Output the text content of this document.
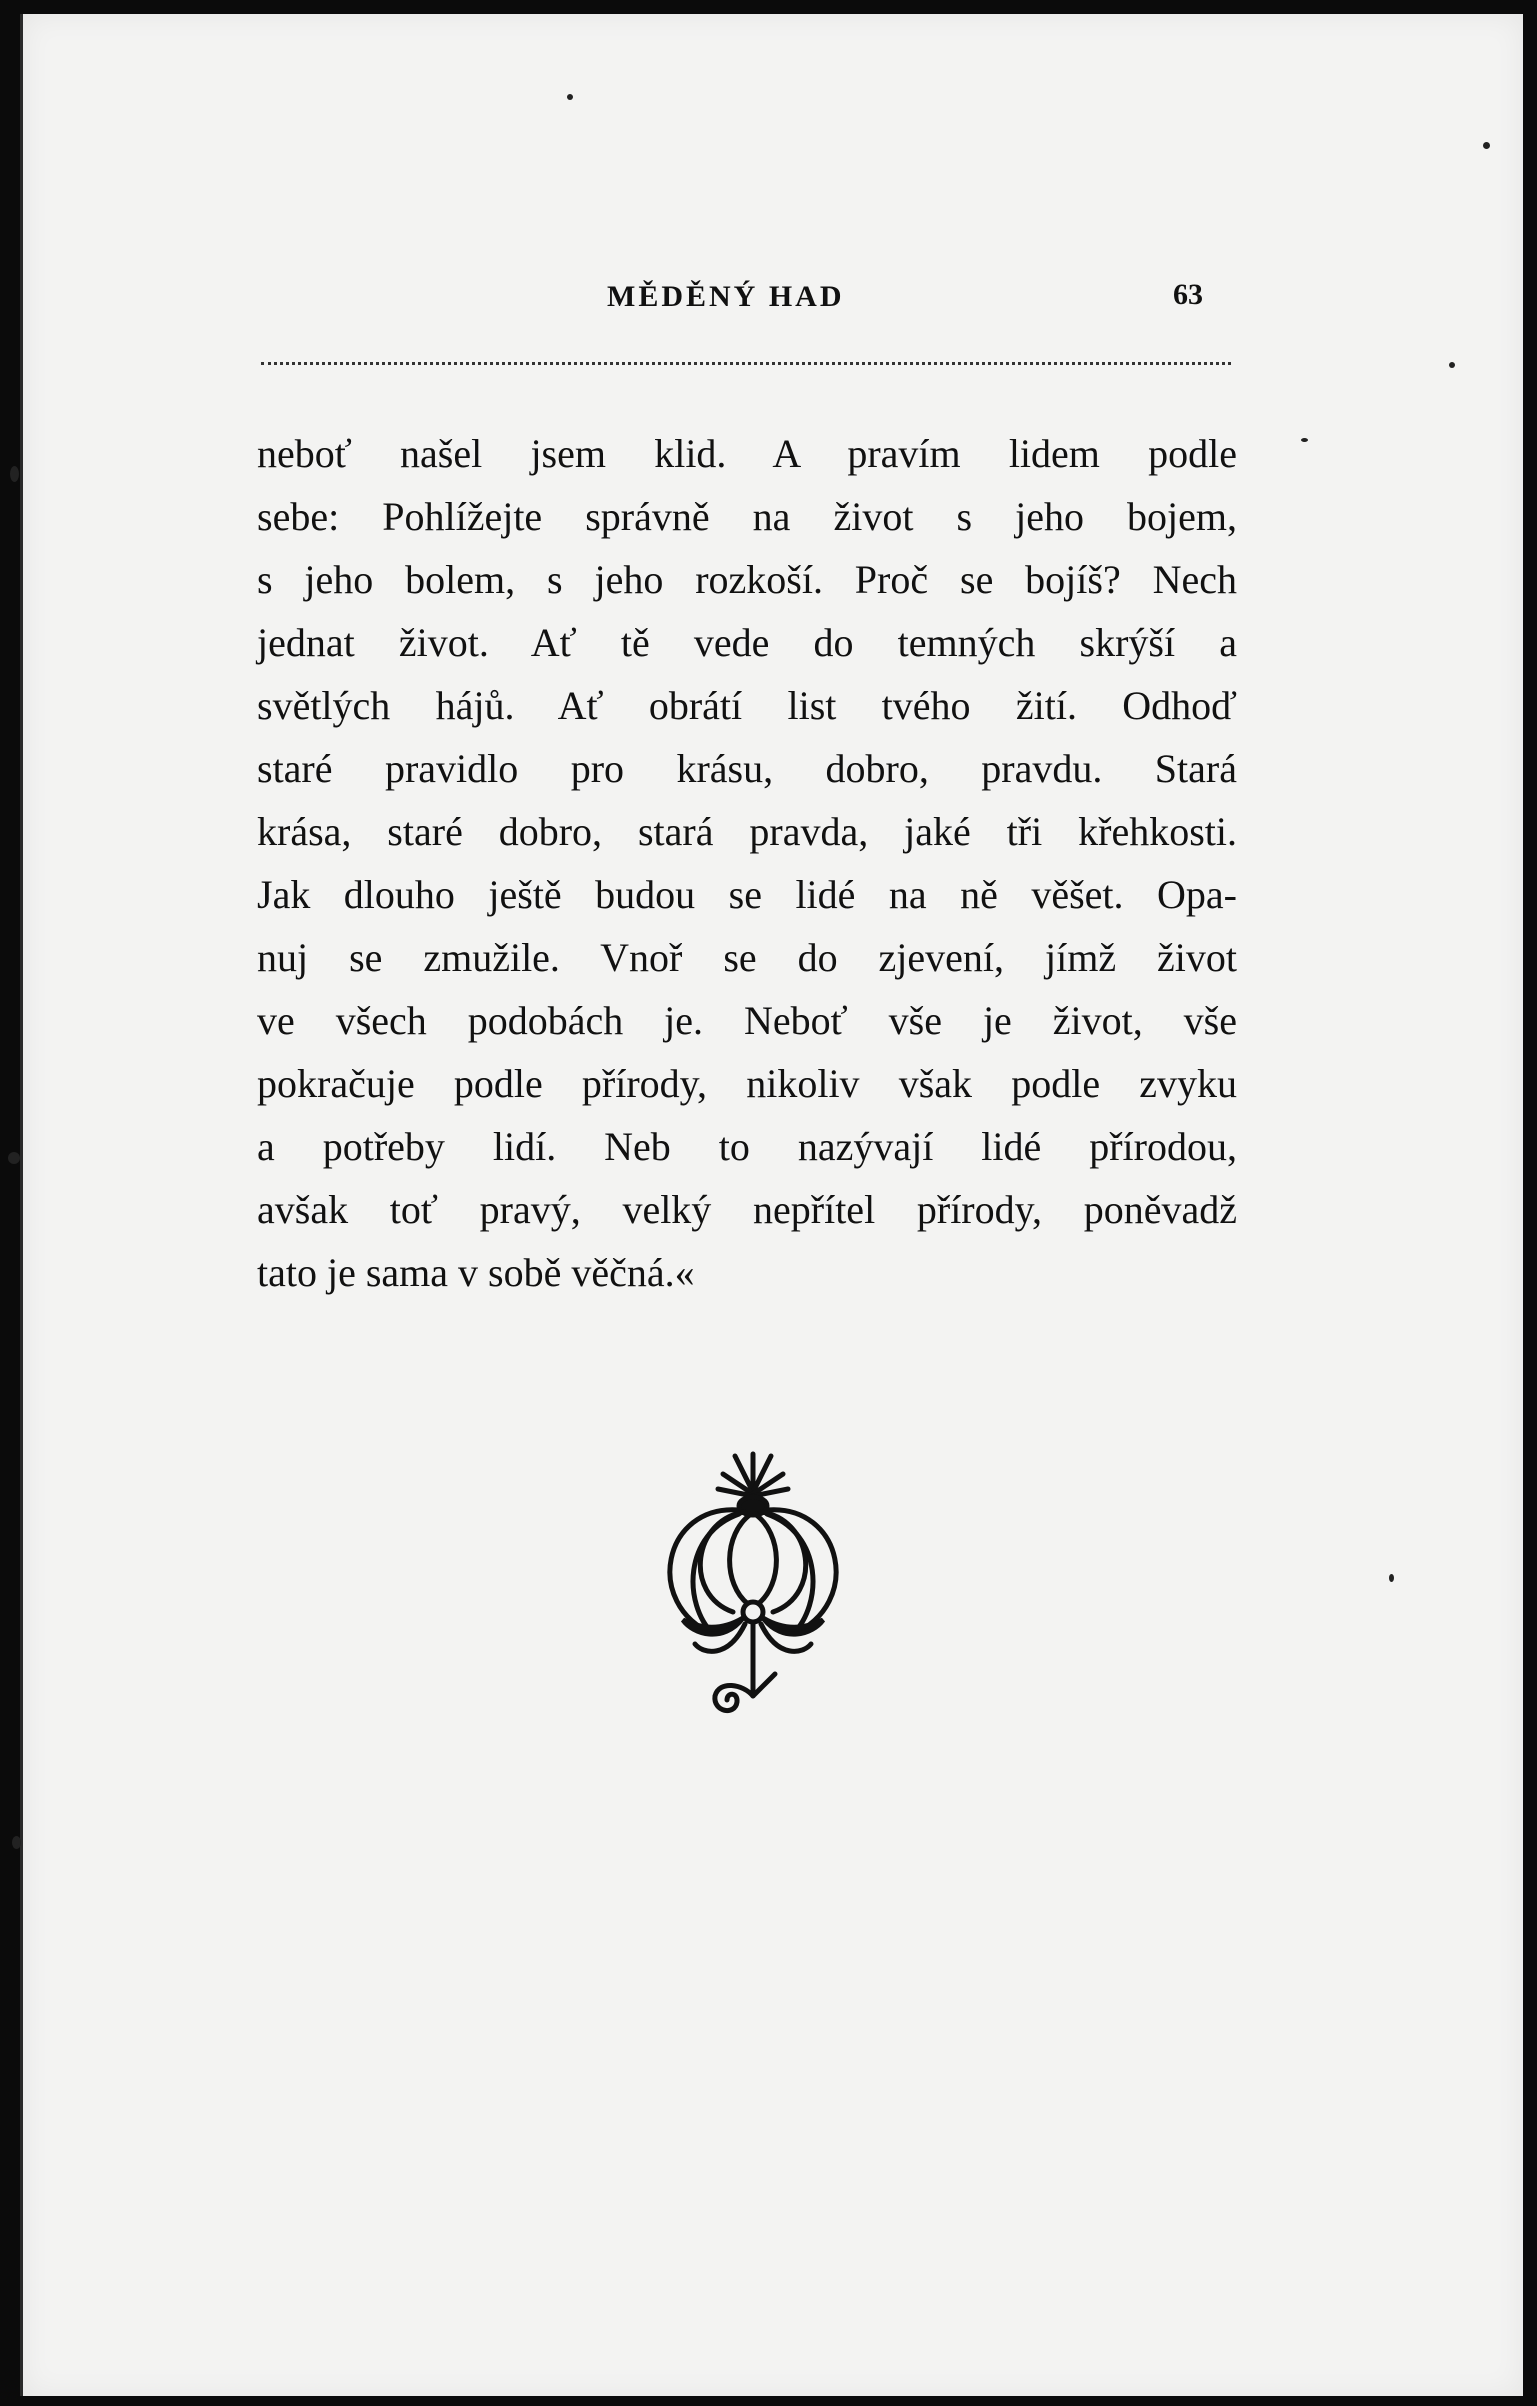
MĚDĚNÝ HAD	63

neboť našel jsem klid. A pravím lidem podle
sebe: Pohlížejte správně na život s jeho bojem,
s jeho bolem, s jeho rozkoší. Proč se bojíš? Nech
jednat život. Ať tě vede do temných skrýší a
světlých hájů. Ať obrátí list tvého žití. Odhoď
staré pravidlo pro krásu, dobro, pravdu. Stará
krása, staré dobro, stará pravda, jaké tři křehkosti.
Jak dlouho ještě budou se lidé na ně věšet. Opa-
nuj se zmužile. Vnoř se do zjevení, jímž život
ve všech podobách je. Neboť vše je život, vše
pokračuje podle přírody, nikoliv však podle zvyku
a potřeby lidí. Neb to nazývají lidé přírodou,
avšak toť pravý, velký nepřítel přírody, poněvadž
tato je sama v sobě věčná.«
